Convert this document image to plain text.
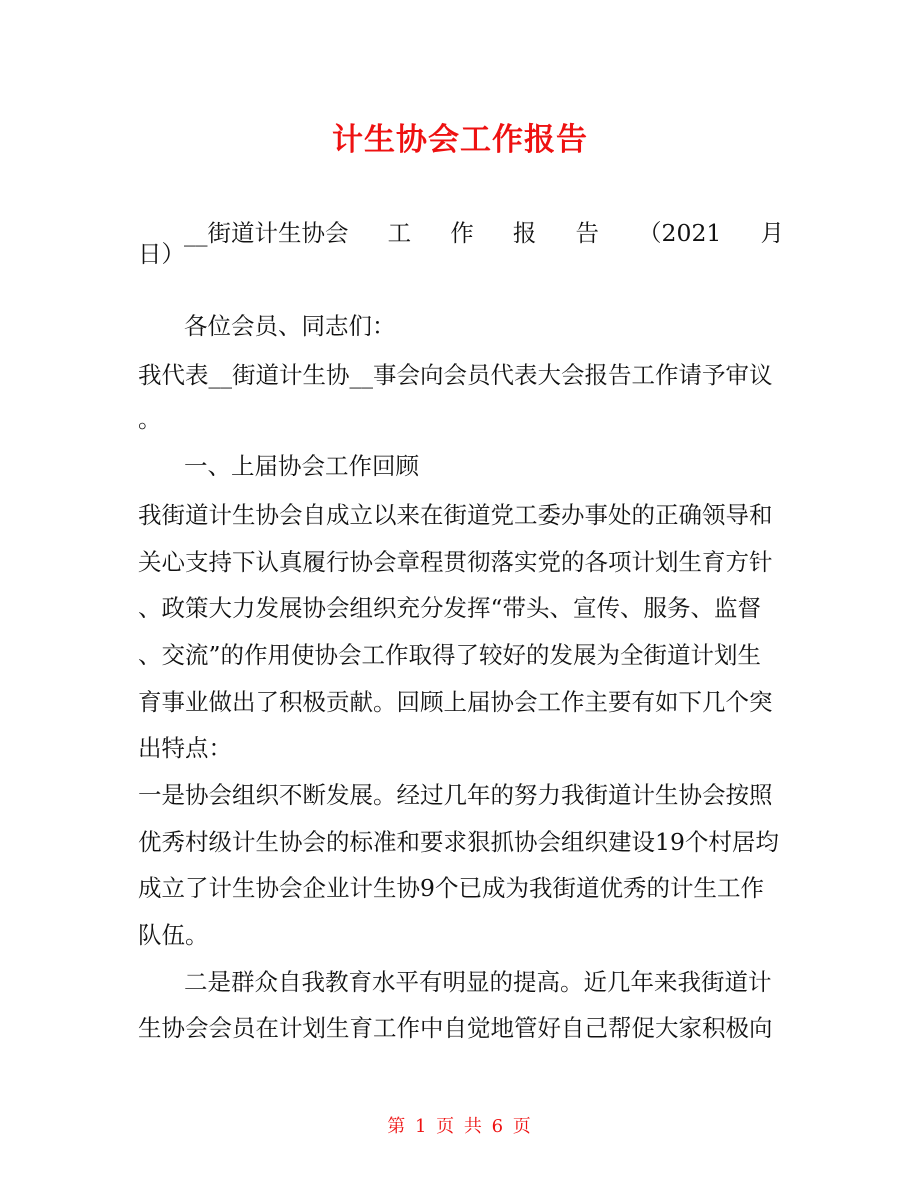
计生协会工作报告

__街道计生协会 工 作 报 告 （2021 月

日）

各位会员、同志们：

我代表__街道计生协__事会向会员代表大会报告工作请予审议

。

一、上届协会工作回顾

我街道计生协会自成立以来在街道党工委办事处的正确领导和

关心支持下认真履行协会章程贯彻落实党的各项计划生育方针

、政策大力发展协会组织充分发挥“带头、宣传、服务、监督

、交流”的作用使协会工作取得了较好的发展为全街道计划生

育事业做出了积极贡献。回顾上届协会工作主要有如下几个突

出特点：

一是协会组织不断发展。经过几年的努力我街道计生协会按照

优秀村级计生协会的标准和要求狠抓协会组织建设19个村居均

成立了计生协会企业计生协9个已成为我街道优秀的计生工作

队伍。

二是群众自我教育水平有明显的提高。近几年来我街道计

生协会会员在计划生育工作中自觉地管好自己帮促大家积极向

第 1 页 共 6 页
